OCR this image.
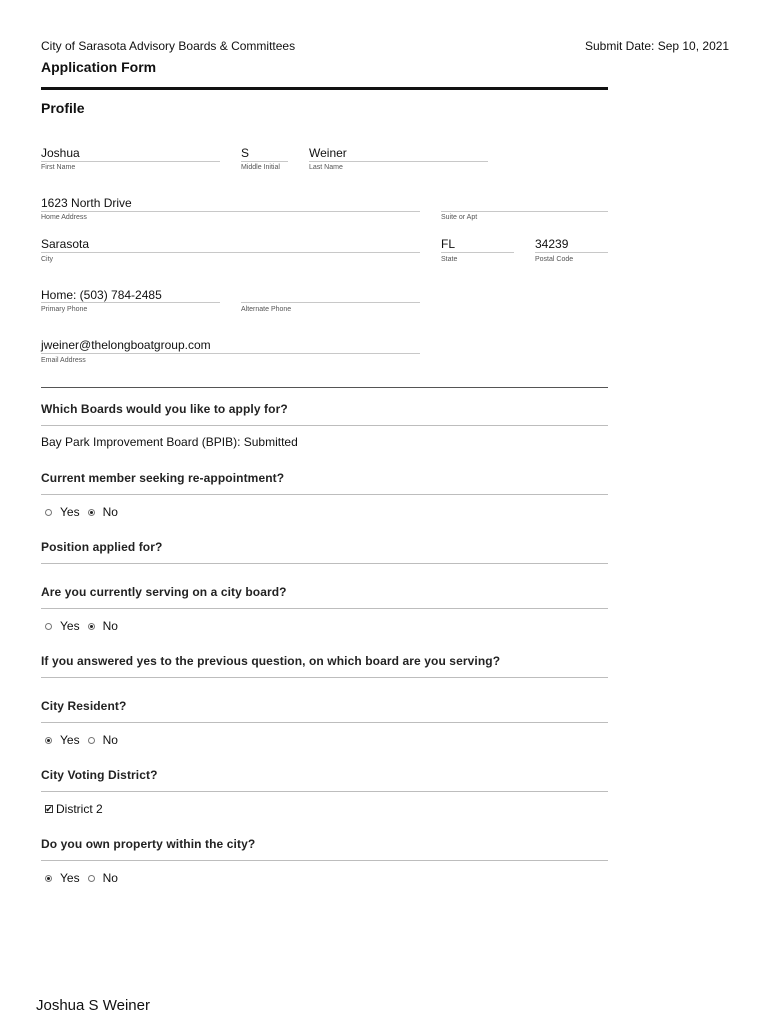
City of Sarasota Advisory Boards & Committees	Submit Date: Sep 10, 2021
Application Form
Profile
Joshua
First Name
S
Middle Initial
Weiner
Last Name
1623 North Drive
Home Address	Suite or Apt
Sarasota
City
FL
State
34239
Postal Code
Home: (503) 784-2485
Primary Phone	Alternate Phone
jweiner@thelongboatgroup.com
Email Address
Which Boards would you like to apply for?
Bay Park Improvement Board (BPIB): Submitted
Current member seeking re-appointment?
Yes No
Position applied for?
Are you currently serving on a city board?
Yes No
If you answered yes to the previous question, on which board are you serving?
City Resident?
Yes No
City Voting District?
✔ District 2
Do you own property within the city?
Yes No
Joshua S Weiner
